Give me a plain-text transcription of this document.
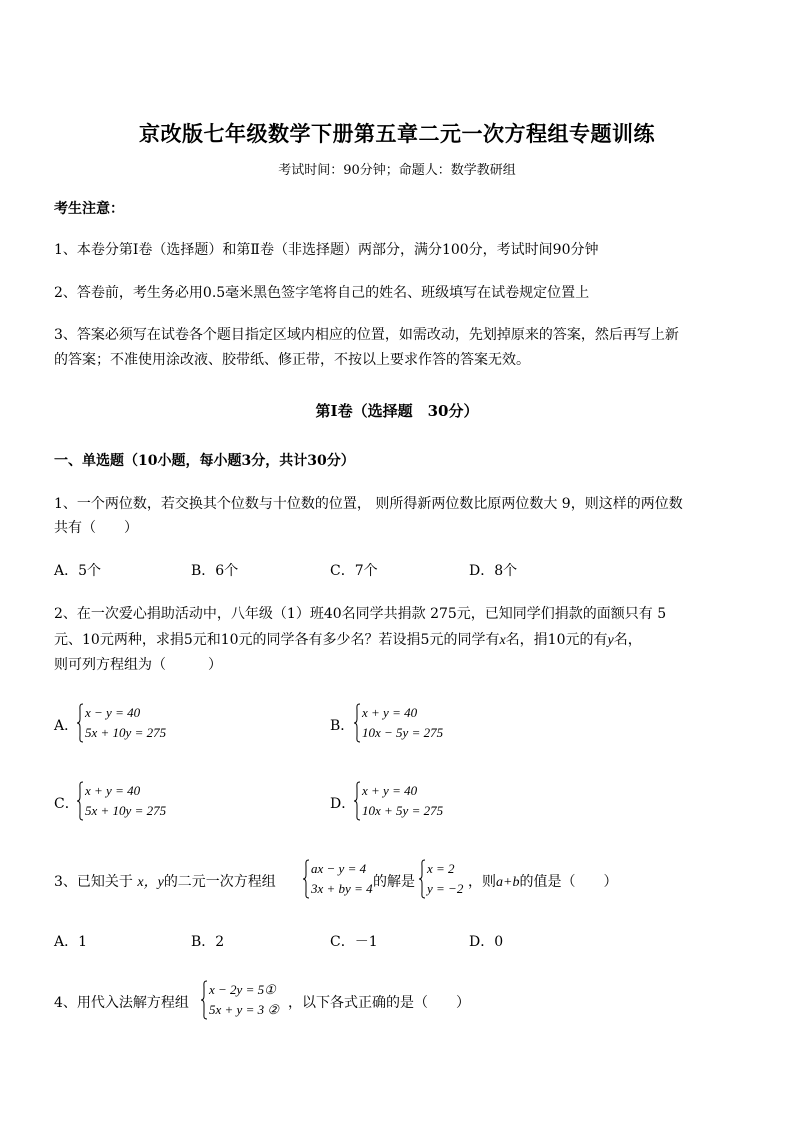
京改版七年级数学下册第五章二元一次方程组专题训练
考试时间：90分钟；命题人：数学教研组
考生注意：
1、本卷分第Ⅰ卷（选择题）和第Ⅱ卷（非选择题）两部分，满分100分，考试时间90分钟
2、答卷前，考生务必用0.5毫米黑色签字笔将自己的姓名、班级填写在试卷规定位置上
3、答案必须写在试卷各个题目指定区域内相应的位置，如需改动，先划掉原来的答案，然后再写上新
的答案；不准使用涂改液、胶带纸、修正带，不按以上要求作答的答案无效。
第Ⅰ卷（选择题　30分）
一、单选题（10小题，每小题3分，共计30分）
1、一个两位数，若交换其个位数与十位数的位置， 则所得新两位数比原两位数大 9，则这样的两位数
共有（　　）
A．5个	B．6个	C．7个	D．8个
2、在一次爱心捐助活动中，八年级（1）班40名同学共捐款 275元，已知同学们捐款的面额只有 5
元、10元两种，求捐5元和10元的同学各有多少名？若设捐5元的同学有x名，捐10元的有y名，
则可列方程组为（　　　）
A．
x − y = 40
5x + 10y = 275	B．
x + y = 40
10x − 5y = 275
C．
x + y = 40
5x + 10y = 275	D．
x + y = 40
10x + 5y = 275
3、已知关于 x，y的二元一次方程组
ax − y = 4
3x + by = 4 的解是
x = 2
y = −2 ，则a+b的值是（　　）
A．1	B．2	C．－1	D．0
4、用代入法解方程组
x − 2y = 5①
5x + y = 3 ② ，以下各式正确的是（　　）
